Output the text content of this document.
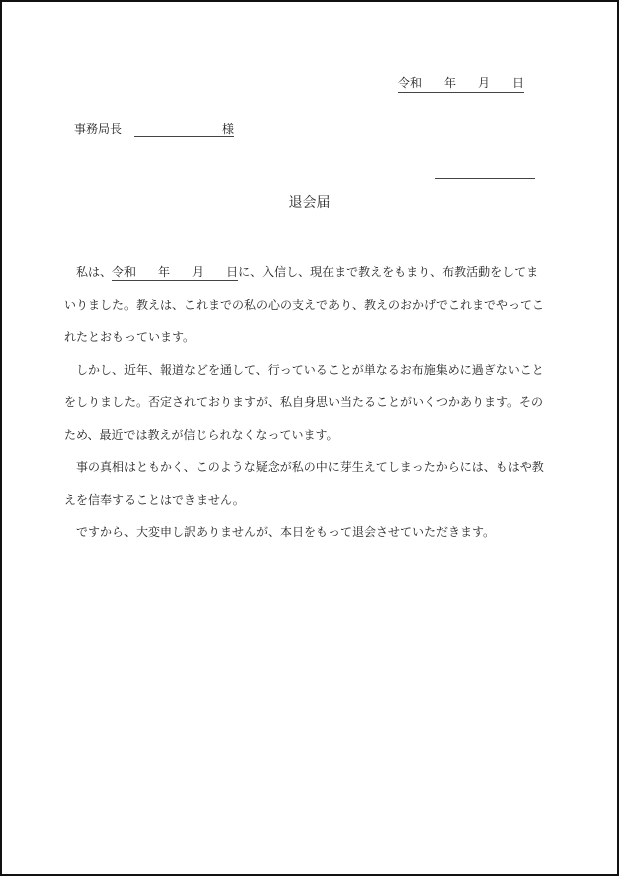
令和 年 月 日
事務局長	様
退会届

私は、令和 年 月 日に、入信し、現在まで教えをもまり、布教活動をしてまいりました。教えは、これまでの私の心の支えであり、教えのおかげでこれまでやってこれたとおもっています。

しかし、近年、報道などを通して、行っていることが単なるお布施集めに過ぎないことをしりました。否定されておりますが、私自身思い当たることがいくつかあります。そのため、最近では教えが信じられなくなっています。

事の真相はともかく、このような疑念が私の中に芽生えてしまったからには、もはや教えを信奉することはできません。

ですから、大変申し訳ありませんが、本日をもって退会させていただきます。
